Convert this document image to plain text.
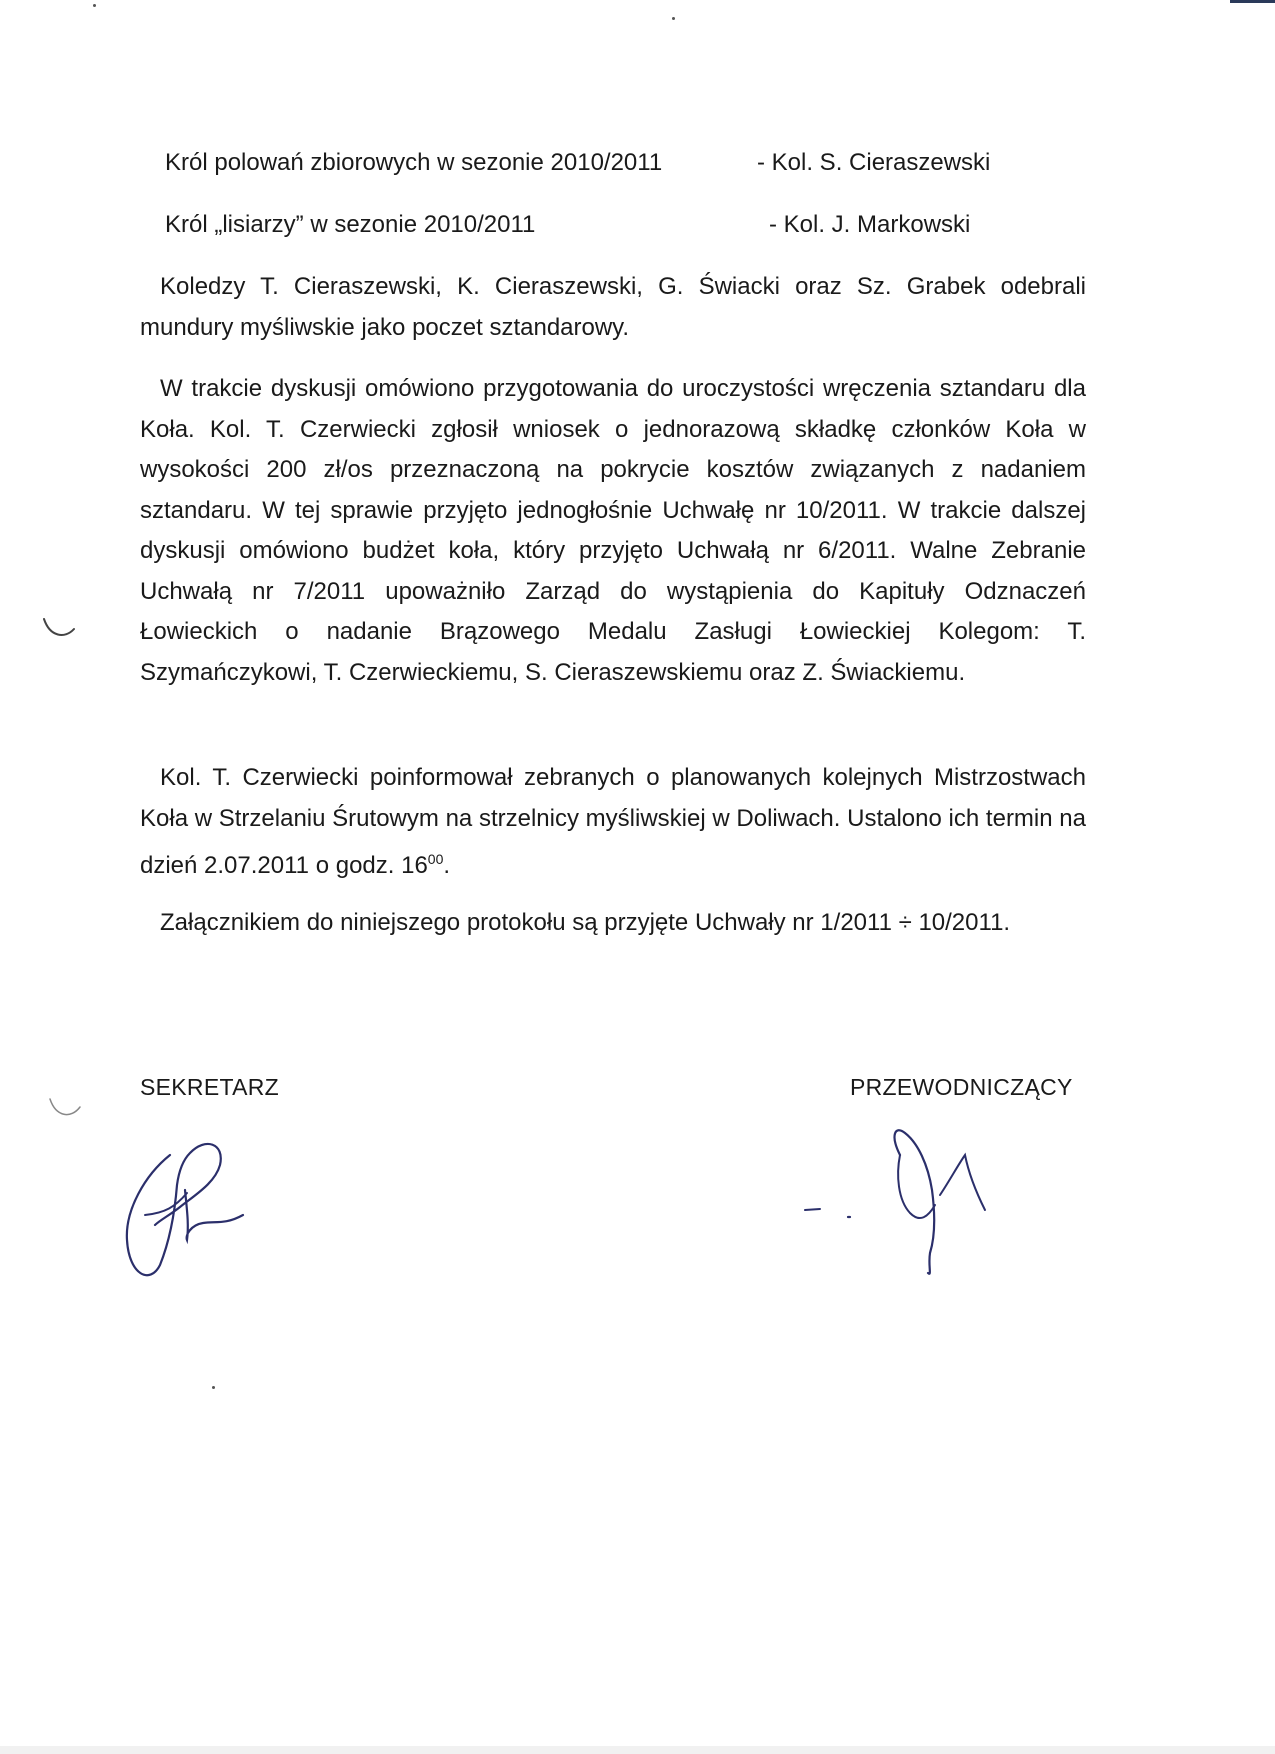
Król polowań zbiorowych w sezonie 2010/2011	- Kol. S. Cieraszewski
Król „lisiarzy” w sezonie 2010/2011	- Kol. J. Markowski
Koledzy T. Cieraszewski, K. Cieraszewski, G. Świacki oraz Sz. Grabek odebrali mundury myśliwskie jako poczet sztandarowy.
W trakcie dyskusji omówiono przygotowania do uroczystości wręczenia sztandaru dla Koła. Kol. T. Czerwiecki zgłosił wniosek o jednorazową składkę członków Koła w wysokości 200 zł/os przeznaczoną na pokrycie kosztów związanych z nadaniem sztandaru. W tej sprawie przyjęto jednogłośnie Uchwałę nr 10/2011. W trakcie dalszej dyskusji omówiono budżet koła, który przyjęto Uchwałą nr 6/2011. Walne Zebranie Uchwałą nr 7/2011 upoważniło Zarząd do wystąpienia do Kapituły Odznaczeń Łowieckich o nadanie Brązowego Medalu Zasługi Łowieckiej Kolegom: T. Szymańczykowi, T. Czerwieckiemu, S. Cieraszewskiemu oraz Z. Świackiemu.
Kol. T. Czerwiecki poinformował zebranych o planowanych kolejnych Mistrzostwach Koła w Strzelaniu Śrutowym na strzelnicy myśliwskiej w Doliwach. Ustalono ich termin na dzień 2.07.2011 o godz. $16^{00}$.
Załącznikiem do niniejszego protokołu są przyjęte Uchwały nr 1/2011 ÷ 10/2011.
SEKRETARZ	PRZEWODNICZĄCY
